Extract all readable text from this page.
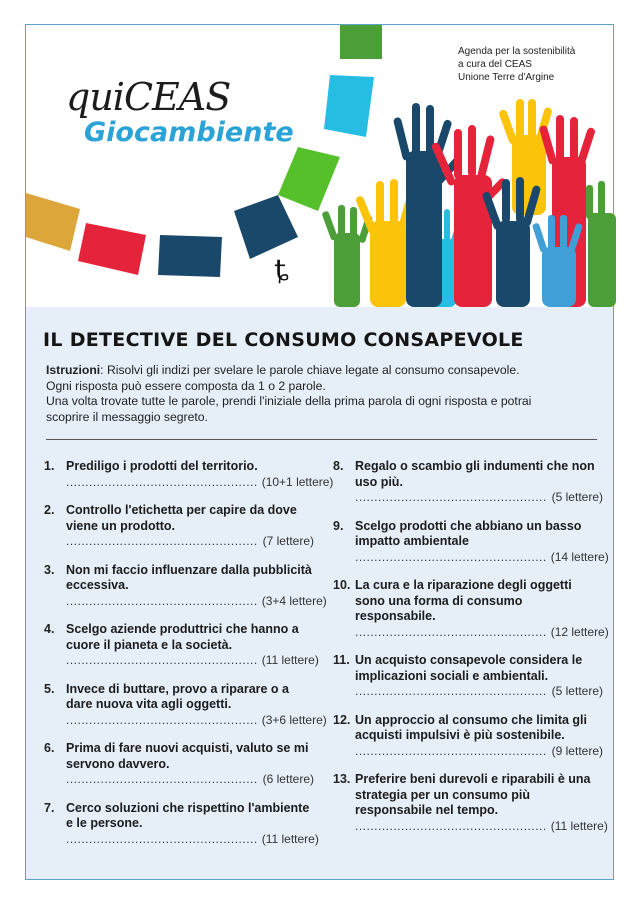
quiCEAS
Giocambiente
Agenda per la sostenibilità
a cura del CEAS
Unione Terre d'Argine
ȶ
IL DETECTIVE DEL CONSUMO CONSAPEVOLE
Istruzioni: Risolvi gli indizi per svelare le parole chiave legate al consumo consapevole.
Ogni risposta può essere composta da 1 o 2 parole.
Una volta trovate tutte le parole, prendi l'iniziale della prima parola di ogni risposta e potrai
scoprire il messaggio segreto.
1. Prediligo i prodotti del territorio.
.................................................. (10+1 lettere)
2. Controllo l'etichetta per capire da dove viene un prodotto.
.................................................. (7 lettere)
3. Non mi faccio influenzare dalla pubblicità eccessiva.
.................................................. (3+4 lettere)
4. Scelgo aziende produttrici che hanno a cuore il pianeta e la società.
.................................................. (11 lettere)
5. Invece di buttare, provo a riparare o a dare nuova vita agli oggetti.
.................................................. (3+6 lettere)
6. Prima di fare nuovi acquisti, valuto se mi servono davvero.
.................................................. (6 lettere)
7. Cerco soluzioni che rispettino l'ambiente e le persone.
.................................................. (11 lettere)
8. Regalo o scambio gli indumenti che non uso più.
.................................................. (5 lettere)
9. Scelgo prodotti che abbiano un basso impatto ambientale
.................................................. (14 lettere)
10. La cura e la riparazione degli oggetti sono una forma di consumo responsabile.
.................................................. (12 lettere)
11. Un acquisto consapevole considera le implicazioni sociali e ambientali.
.................................................. (5 lettere)
12. Un approccio al consumo che limita gli acquisti impulsivi è più sostenibile.
.................................................. (9 lettere)
13. Preferire beni durevoli e riparabili è una strategia per un consumo più responsabile nel tempo.
.................................................. (11 lettere)
